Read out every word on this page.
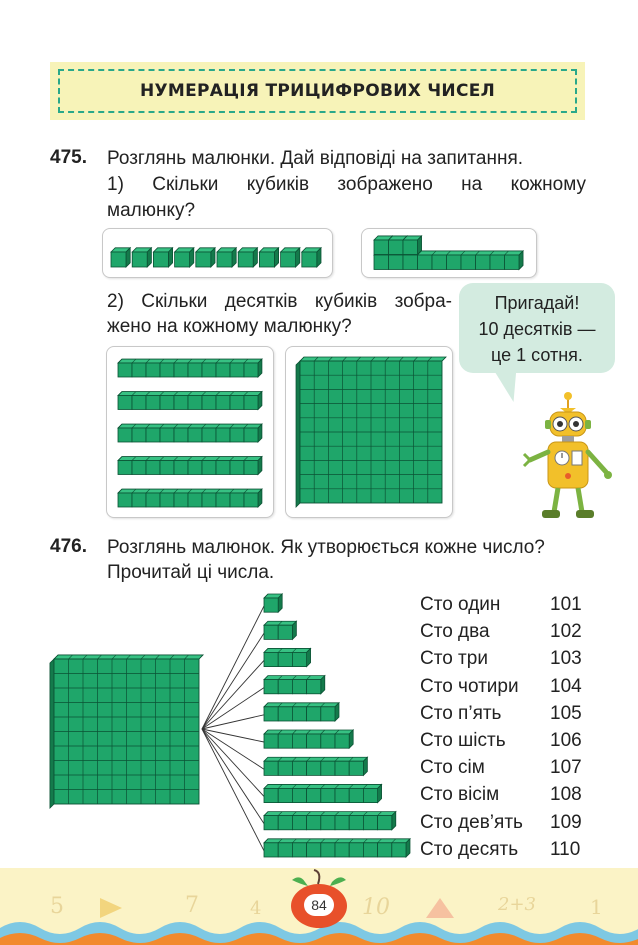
НУМЕРАЦІЯ ТРИЦИФРОВИХ ЧИСЕЛ
475. Розглянь малюнки. Дай відповіді на запитання.
1) Скільки кубиків зображено на кожному
малюнку?
2) Скільки десятків кубиків зобра-
жено на кожному малюнку?
Пригадай!
10 десятків —
це 1 сотня.
476. Розглянь малюнок. Як утворюється кожне число?
Прочитай ці числа.
Сто один	101
Сто два	102
Сто три	103
Сто чотири 104
Сто п’ять	105
Сто шість 106
Сто сім	107
Сто вісім	108
Сто дев’ять 109
Сто десять 110
5	7	4	10	2+3	1
84
